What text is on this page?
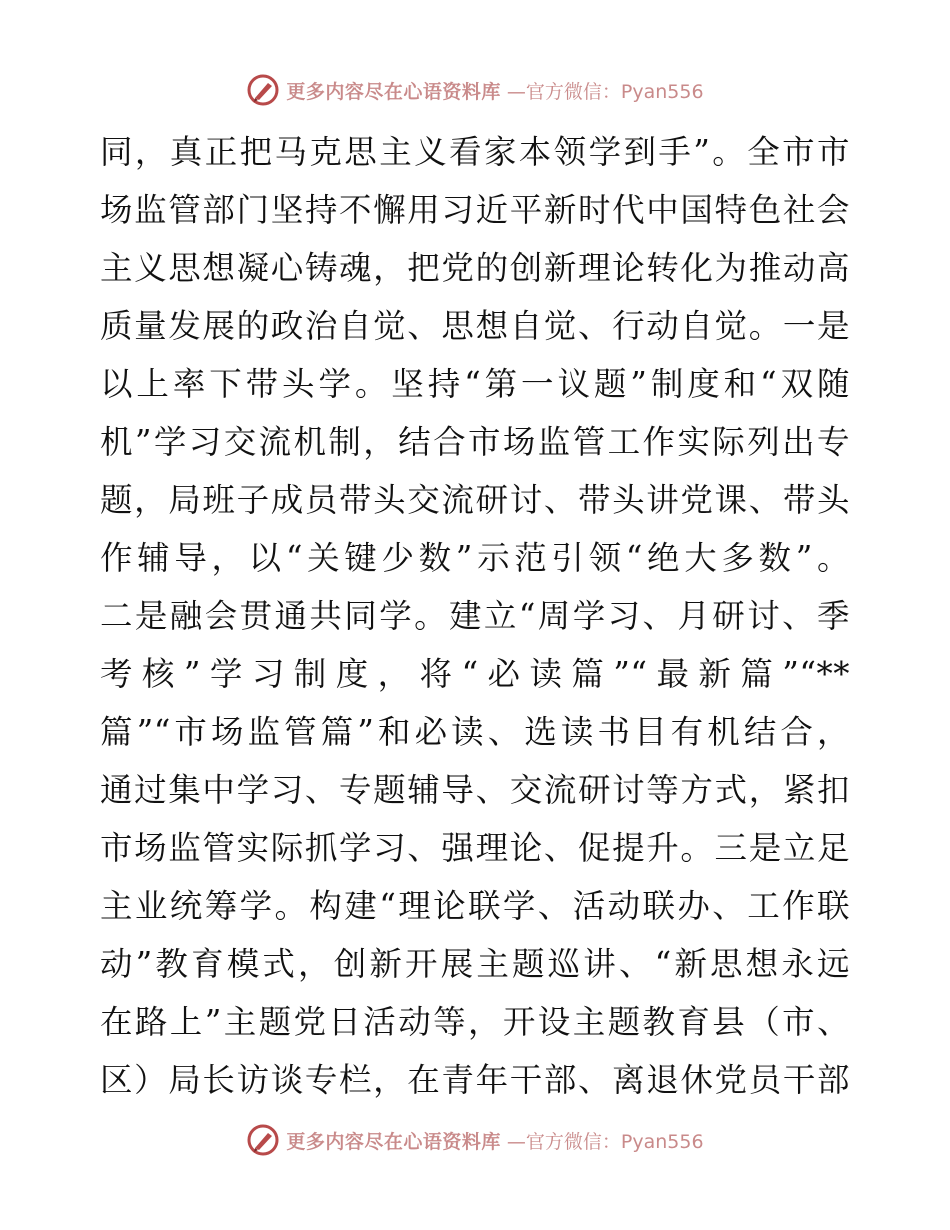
更多内容尽在心语资料库 —官方微信：Pyan556
同，真正把马克思主义看家本领学到手”。全市市
场监管部门坚持不懈用习近平新时代中国特色社会
主义思想凝心铸魂，把党的创新理论转化为推动高
质量发展的政治自觉、思想自觉、行动自觉。一是
以上率下带头学。坚持“第一议题”制度和“双随
机”学习交流机制，结合市场监管工作实际列出专
题，局班子成员带头交流研讨、带头讲党课、带头
作辅导，以“关键少数”示范引领“绝大多数”。
二是融会贯通共同学。建立“周学习、月研讨、季
考核”学习制度，将“必读篇”“最新篇”“**
篇”“市场监管篇”和必读、选读书目有机结合，
通过集中学习、专题辅导、交流研讨等方式，紧扣
市场监管实际抓学习、强理论、促提升。三是立足
主业统筹学。构建“理论联学、活动联办、工作联
动”教育模式，创新开展主题巡讲、“新思想永远
在路上”主题党日活动等，开设主题教育县（市、
区）局长访谈专栏，在青年干部、离退休党员干部
更多内容尽在心语资料库 —官方微信：Pyan556
